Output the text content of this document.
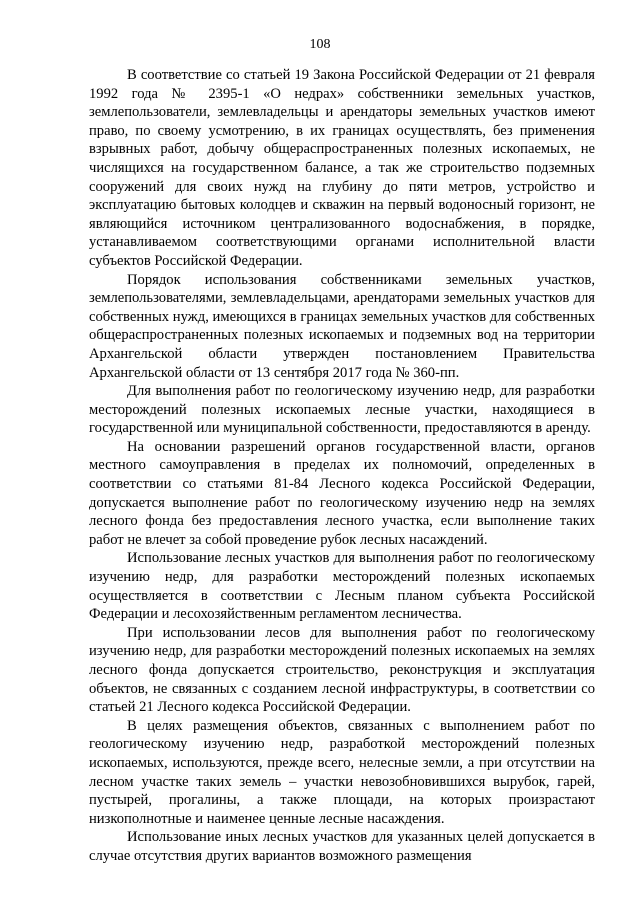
108

В соответствие со статьей 19 Закона Российской Федерации от 21 февраля 1992 года № 2395-1 «О недрах» собственники земельных участков, землепользователи, землевладельцы и арендаторы земельных участков имеют право, по своему усмотрению, в их границах осуществлять, без применения взрывных работ, добычу общераспространенных полезных ископаемых, не числящихся на государственном балансе, а так же строительство подземных сооружений для своих нужд на глубину до пяти метров, устройство и эксплуатацию бытовых колодцев и скважин на первый водоносный горизонт, не являющийся источником централизованного водоснабжения, в порядке, устанавливаемом соответствующими органами исполнительной власти субъектов Российской Федерации.

Порядок использования собственниками земельных участков, землепользователями, землевладельцами, арендаторами земельных участков для собственных нужд, имеющихся в границах земельных участков для собственных общераспространенных полезных ископаемых и подземных вод на территории Архангельской области утвержден постановлением Правительства Архангельской области от 13 сентября 2017 года № 360-пп.

Для выполнения работ по геологическому изучению недр, для разработки месторождений полезных ископаемых лесные участки, находящиеся в государственной или муниципальной собственности, предоставляются в аренду.

На основании разрешений органов государственной власти, органов местного самоуправления в пределах их полномочий, определенных в соответствии со статьями 81-84 Лесного кодекса Российской Федерации, допускается выполнение работ по геологическому изучению недр на землях лесного фонда без предоставления лесного участка, если выполнение таких работ не влечет за собой проведение рубок лесных насаждений.

Использование лесных участков для выполнения работ по геологическому изучению недр, для разработки месторождений полезных ископаемых осуществляется в соответствии с Лесным планом субъекта Российской Федерации и лесохозяйственным регламентом лесничества.

При использовании лесов для выполнения работ по геологическому изучению недр, для разработки месторождений полезных ископаемых на землях лесного фонда допускается строительство, реконструкция и эксплуатация объектов, не связанных с созданием лесной инфраструктуры, в соответствии со статьей 21 Лесного кодекса Российской Федерации.

В целях размещения объектов, связанных с выполнением работ по геологическому изучению недр, разработкой месторождений полезных ископаемых, используются, прежде всего, нелесные земли, а при отсутствии на лесном участке таких земель – участки невозобновившихся вырубок, гарей, пустырей, прогалины, а также площади, на которых произрастают низкополнотные и наименее ценные лесные насаждения.

Использование иных лесных участков для указанных целей допускается в случае отсутствия других вариантов возможного размещения
